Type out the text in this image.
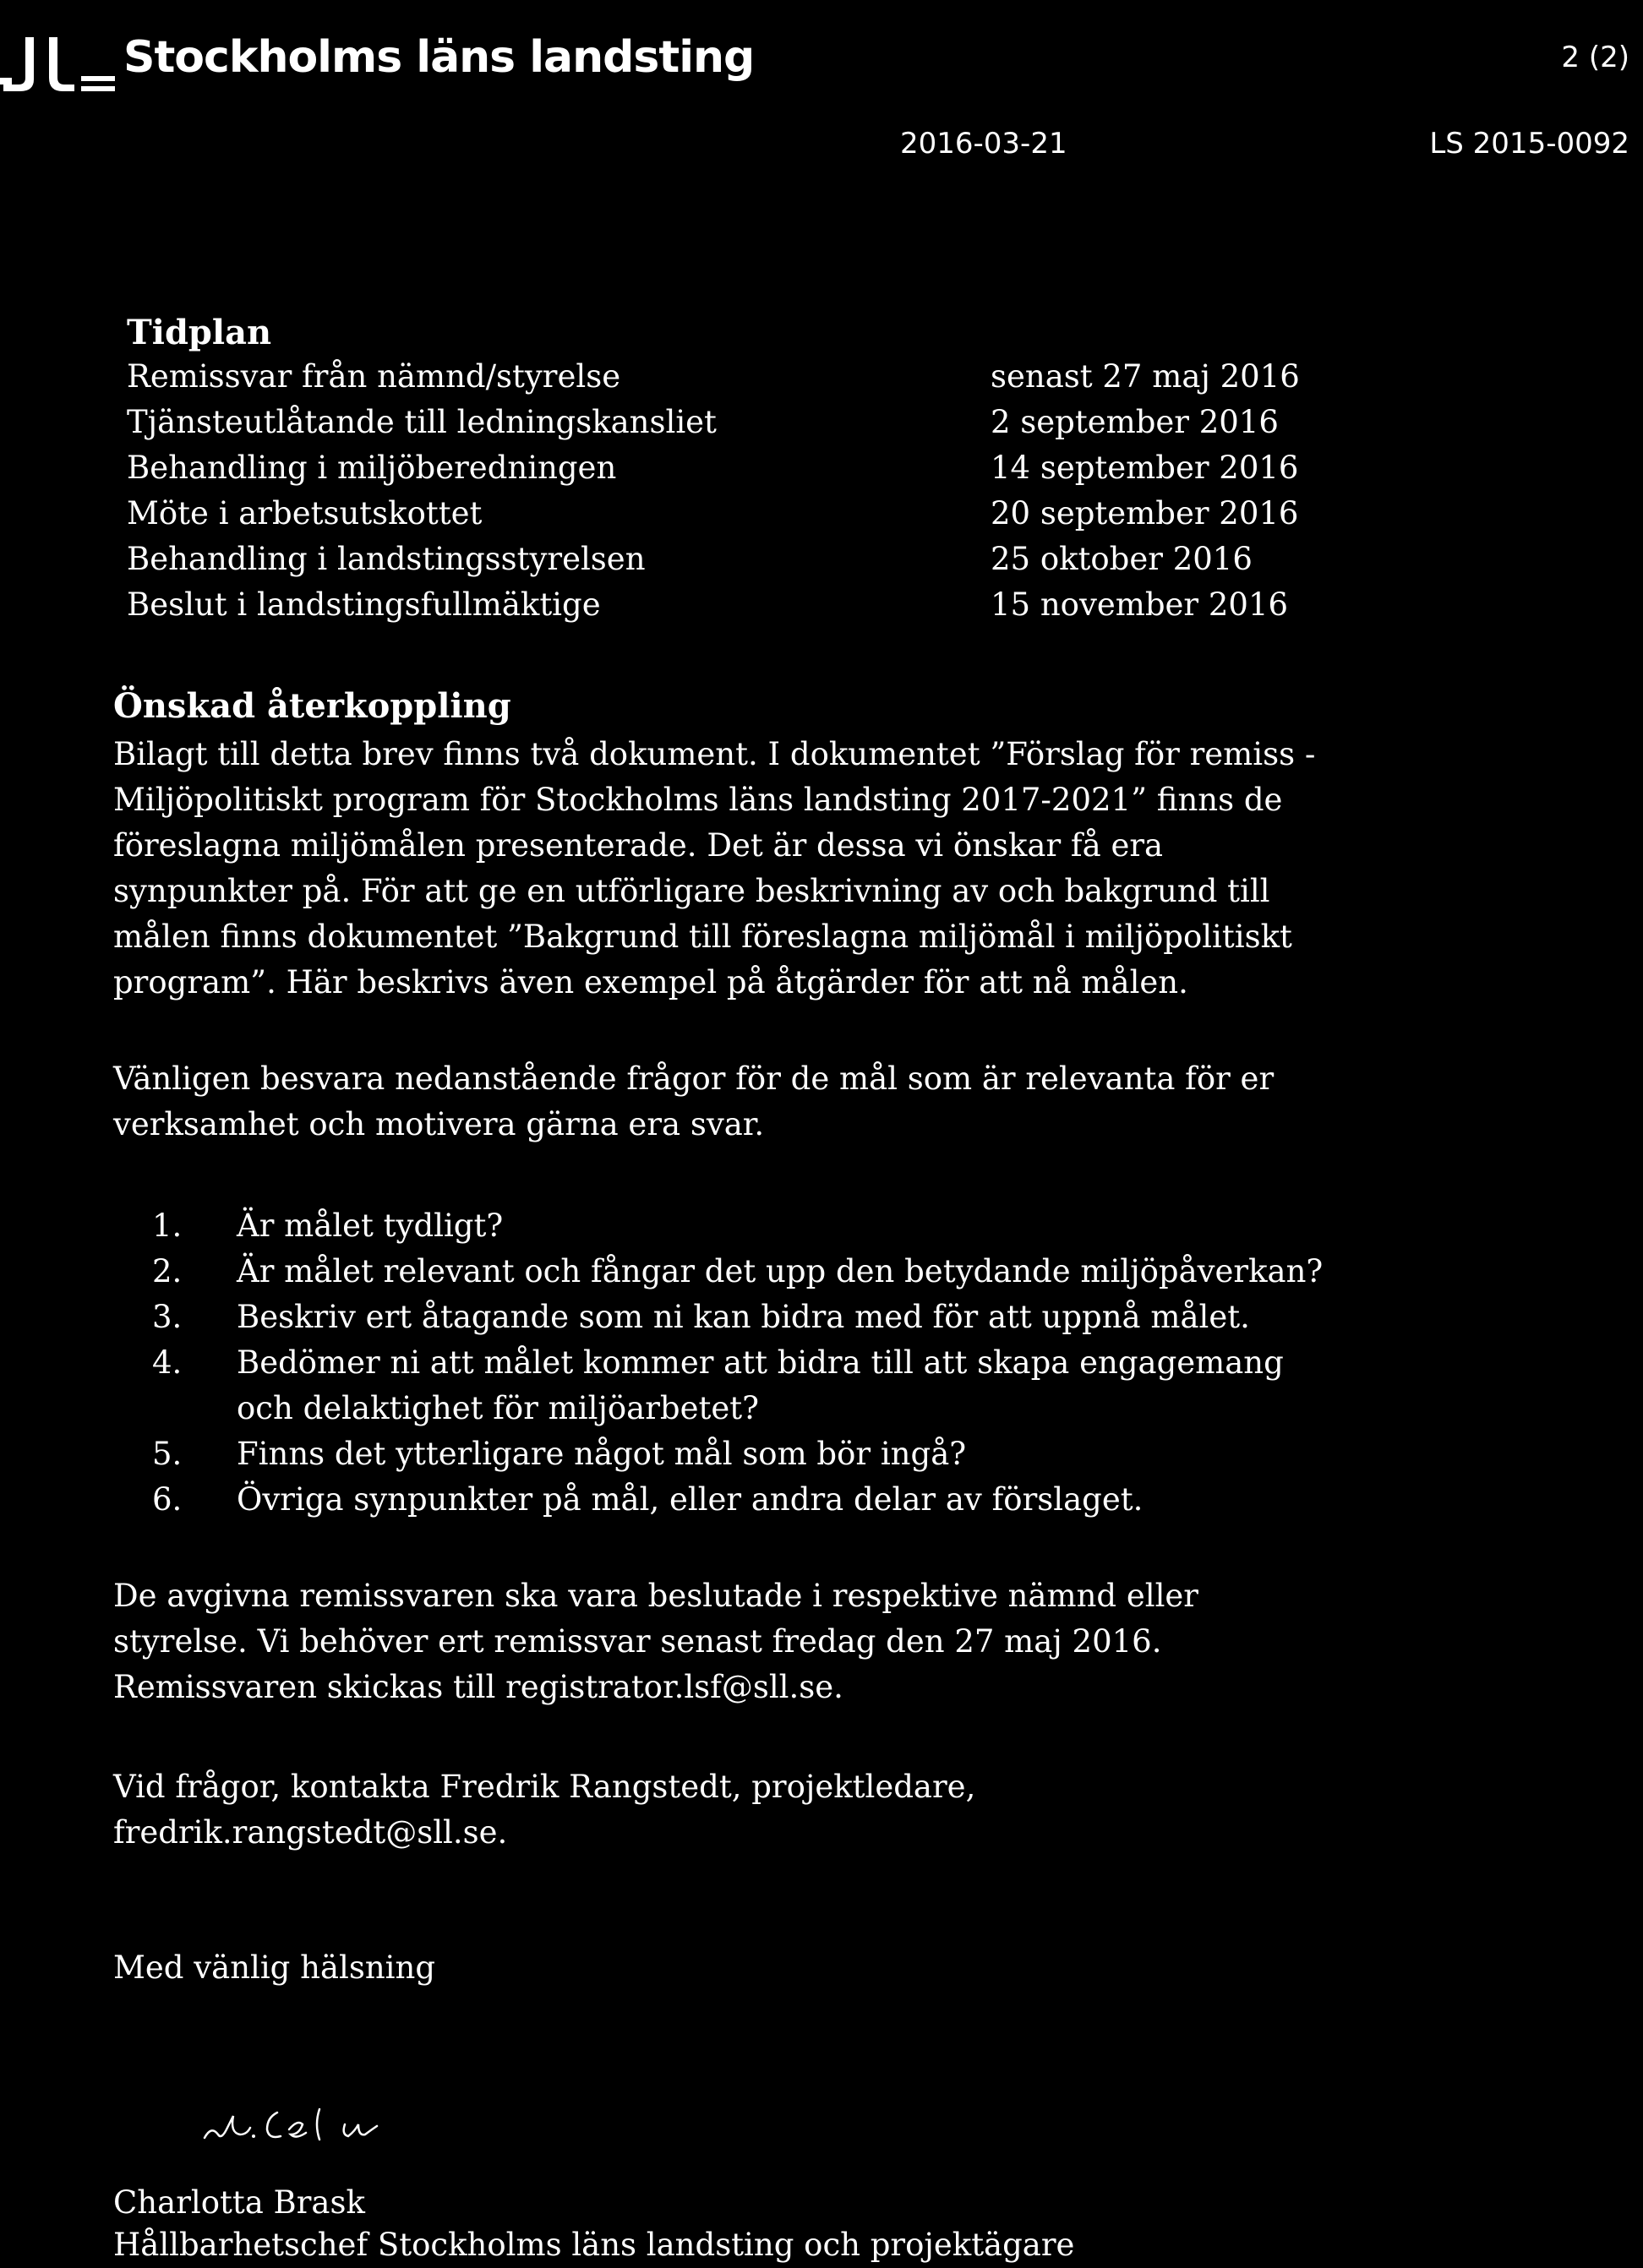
Stockholms läns landsting	2 (2)
2016-03-21	LS 2015-0092
Tidplan
Remissvar från nämnd/styrelse	senast 27 maj 2016
Tjänsteutlåtande till ledningskansliet	2 september 2016
Behandling i miljöberedningen	14 september 2016
Möte i arbetsutskottet	20 september 2016
Behandling i landstingsstyrelsen	25 oktober 2016
Beslut i landstingsfullmäktige	15 november 2016
Önskad återkoppling
Bilagt till detta brev finns två dokument. I dokumentet ”Förslag för remiss -
Miljöpolitiskt program för Stockholms läns landsting 2017-2021” finns de
föreslagna miljömålen presenterade. Det är dessa vi önskar få era
synpunkter på. För att ge en utförligare beskrivning av och bakgrund till
målen finns dokumentet ”Bakgrund till föreslagna miljömål i miljöpolitiskt
program”. Här beskrivs även exempel på åtgärder för att nå målen.
Vänligen besvara nedanstående frågor för de mål som är relevanta för er
verksamhet och motivera gärna era svar.
1. Är målet tydligt?
2. Är målet relevant och fångar det upp den betydande miljöpåverkan?
3. Beskriv ert åtagande som ni kan bidra med för att uppnå målet.
4. Bedömer ni att målet kommer att bidra till att skapa engagemang
och delaktighet för miljöarbetet?
5. Finns det ytterligare något mål som bör ingå?
6. Övriga synpunkter på mål, eller andra delar av förslaget.
De avgivna remissvaren ska vara beslutade i respektive nämnd eller
styrelse. Vi behöver ert remissvar senast fredag den 27 maj 2016.
Remissvaren skickas till registrator.lsf@sll.se.
Vid frågor, kontakta Fredrik Rangstedt, projektledare,
fredrik.rangstedt@sll.se.
Med vänlig hälsning
Charlotta Brask
Hållbarhetschef Stockholms läns landsting och projektägare
